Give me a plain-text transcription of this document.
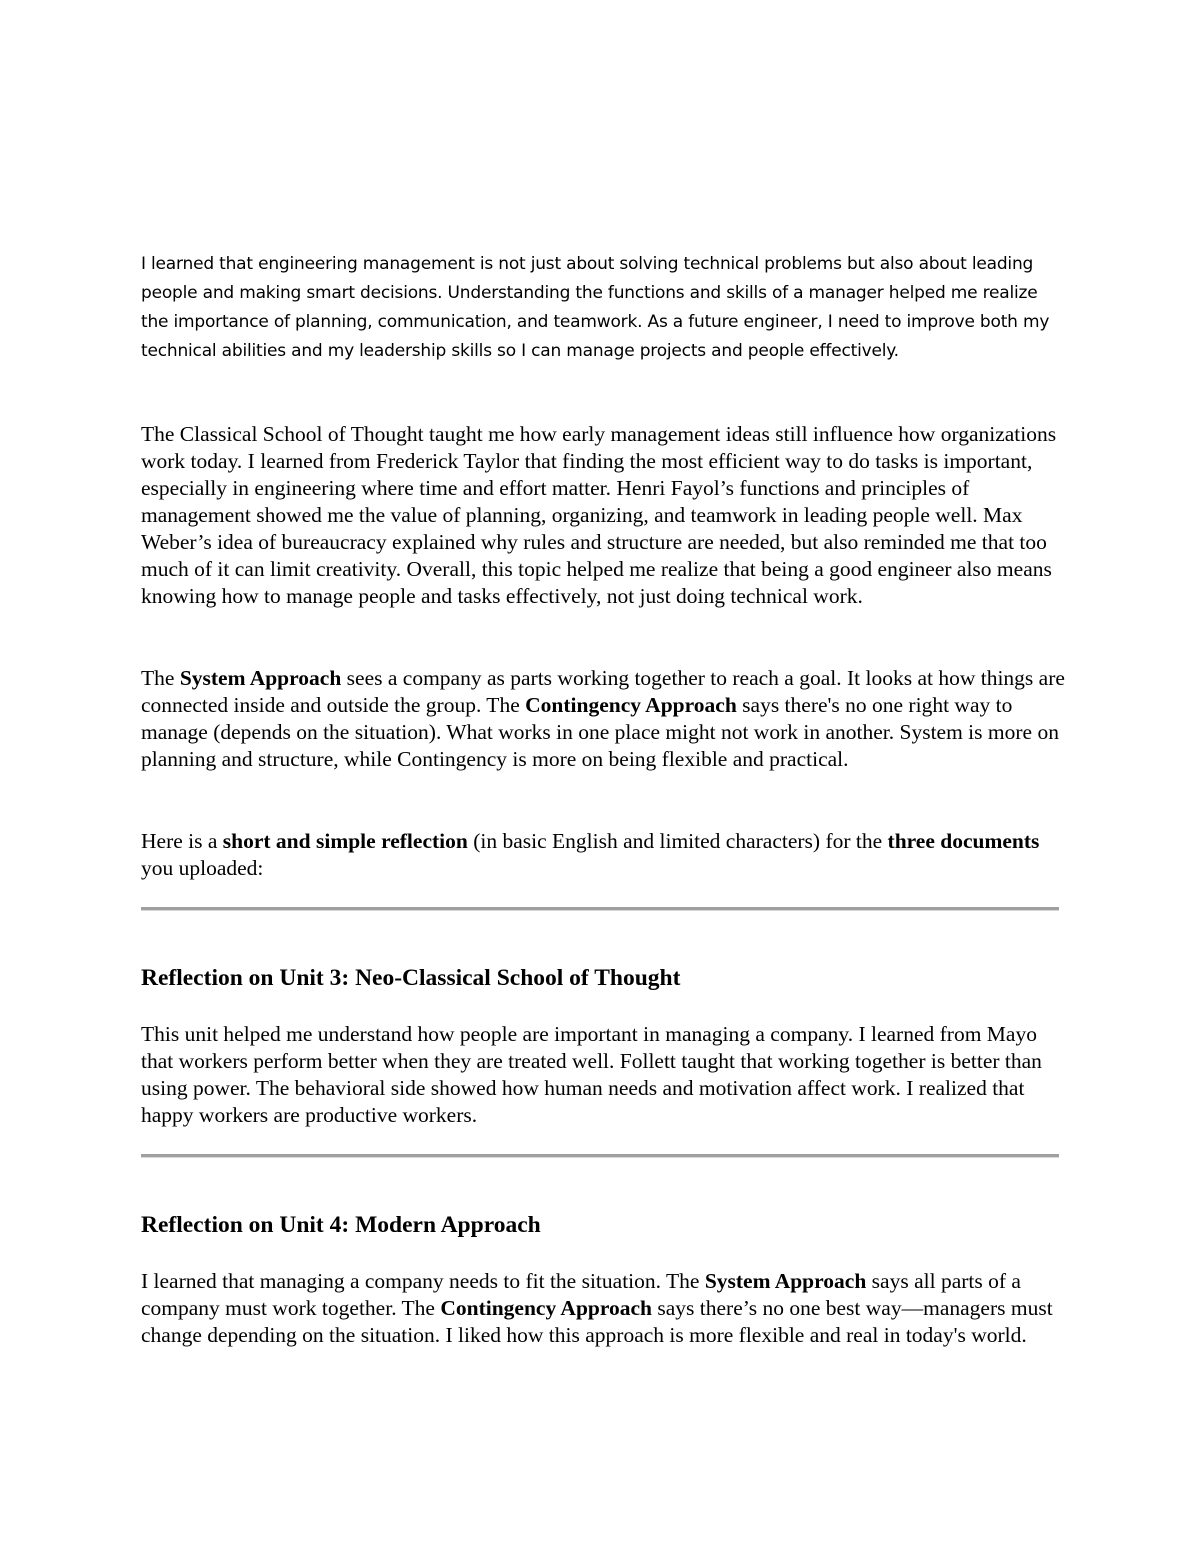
I learned that engineering management is not just about solving technical problems but also about leading people and making smart decisions. Understanding the functions and skills of a manager helped me realize the importance of planning, communication, and teamwork. As a future engineer, I need to improve both my technical abilities and my leadership skills so I can manage projects and people effectively.

The Classical School of Thought taught me how early management ideas still influence how organizations work today. I learned from Frederick Taylor that finding the most efficient way to do tasks is important, especially in engineering where time and effort matter. Henri Fayol’s functions and principles of management showed me the value of planning, organizing, and teamwork in leading people well. Max Weber’s idea of bureaucracy explained why rules and structure are needed, but also reminded me that too much of it can limit creativity. Overall, this topic helped me realize that being a good engineer also means knowing how to manage people and tasks effectively, not just doing technical work.

The System Approach sees a company as parts working together to reach a goal. It looks at how things are connected inside and outside the group. The Contingency Approach says there's no one right way to manage (depends on the situation). What works in one place might not work in another. System is more on planning and structure, while Contingency is more on being flexible and practical.

Here is a short and simple reflection (in basic English and limited characters) for the three documents you uploaded:

Reflection on Unit 3: Neo-Classical School of Thought

This unit helped me understand how people are important in managing a company. I learned from Mayo that workers perform better when they are treated well. Follett taught that working together is better than using power. The behavioral side showed how human needs and motivation affect work. I realized that happy workers are productive workers.

Reflection on Unit 4: Modern Approach

I learned that managing a company needs to fit the situation. The System Approach says all parts of a company must work together. The Contingency Approach says there’s no one best way—managers must change depending on the situation. I liked how this approach is more flexible and real in today's world.
